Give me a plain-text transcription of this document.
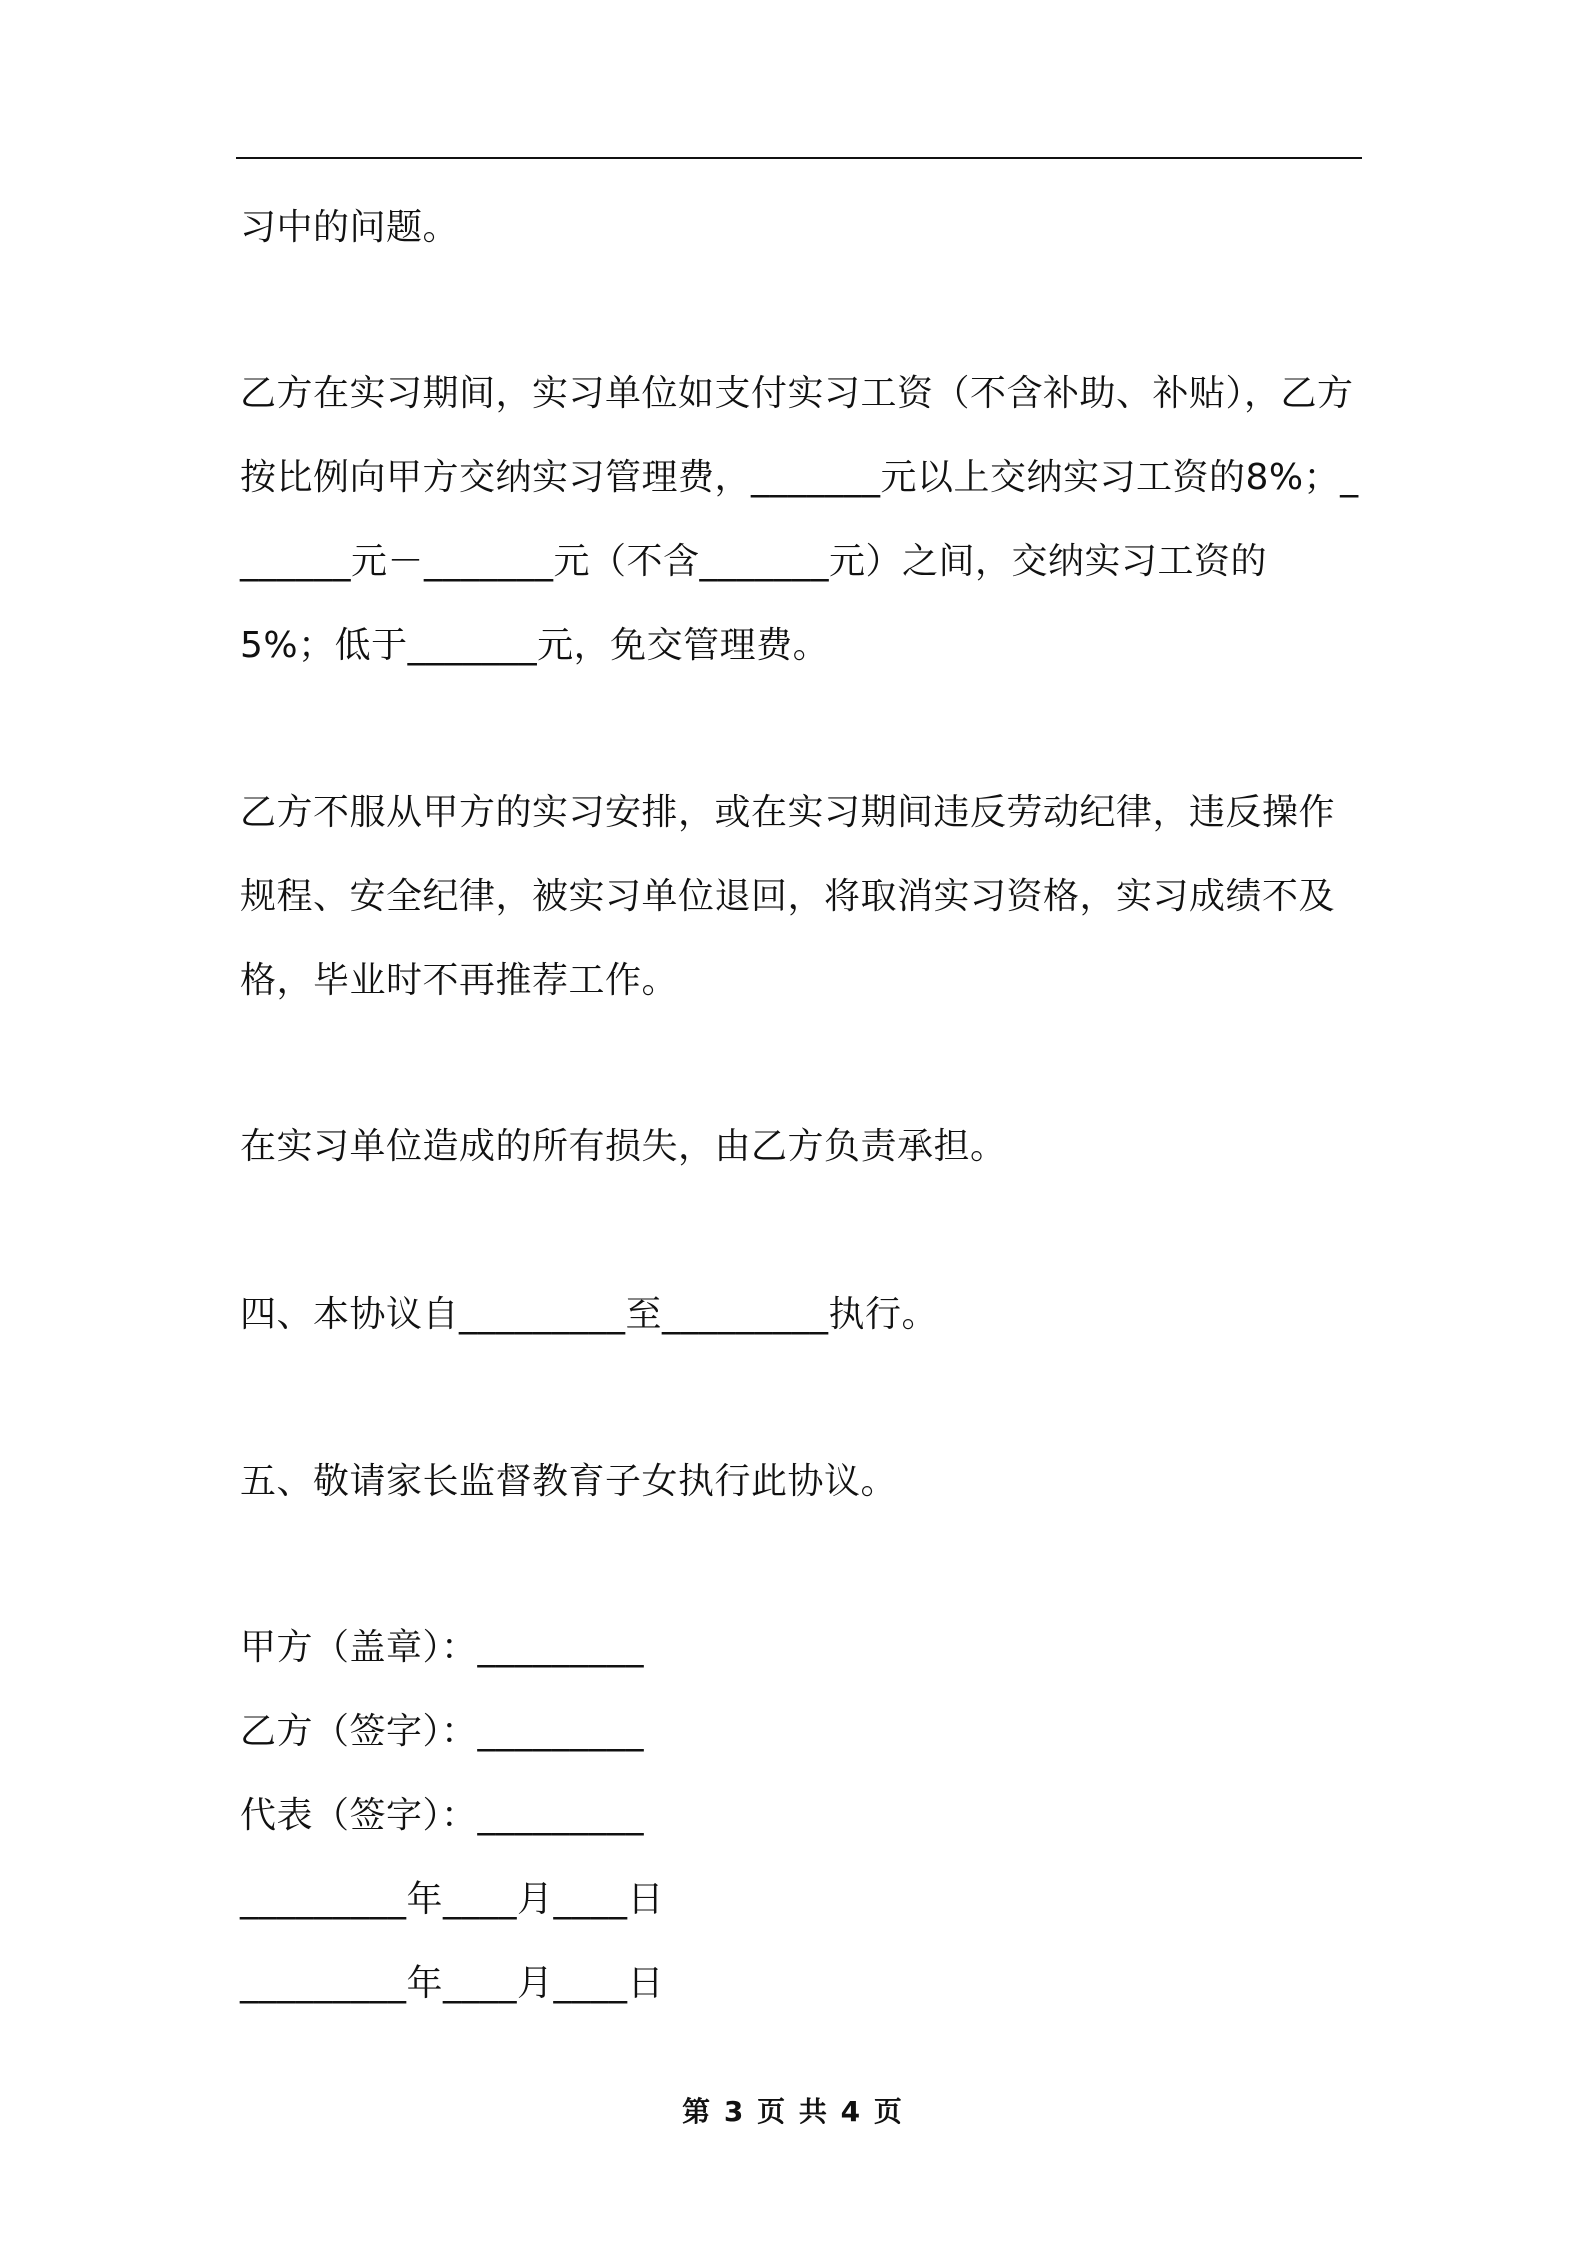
习中的问题。

乙方在实习期间，实习单位如支付实习工资（不含补助、补贴），乙方按比例向甲方交纳实习管理费，_______元以上交纳实习工资的8%；_______元－_______元（不含_______元）之间，交纳实习工资的 5%；低于_______元，免交管理费。

乙方不服从甲方的实习安排，或在实习期间违反劳动纪律，违反操作规程、安全纪律，被实习单位退回，将取消实习资格，实习成绩不及格，毕业时不再推荐工作。

在实习单位造成的所有损失，由乙方负责承担。

四、本协议自_________至_________执行。

五、敬请家长监督教育子女执行此协议。

甲方（盖章）：_________

乙方（签字）：_________

代表（签字）：_________

_________年____月____日

_________年____月____日

第 3 页 共 4 页
